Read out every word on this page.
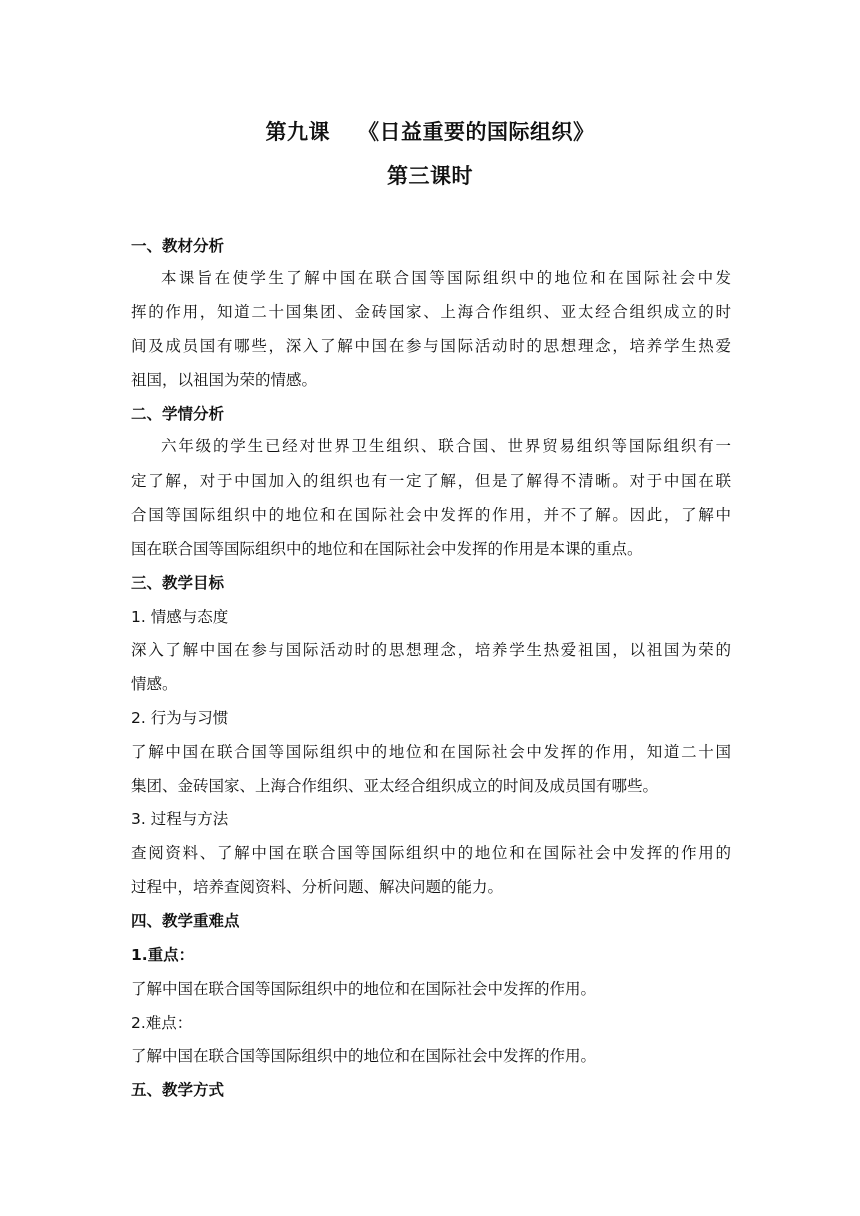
第九课 《日益重要的国际组织》
第三课时
一、教材分析
本课旨在使学生了解中国在联合国等国际组织中的地位和在国际社会中发
挥的作用，知道二十国集团、金砖国家、上海合作组织、亚太经合组织成立的时
间及成员国有哪些，深入了解中国在参与国际活动时的思想理念，培养学生热爱
祖国，以祖国为荣的情感。
二、学情分析
六年级的学生已经对世界卫生组织、联合国、世界贸易组织等国际组织有一
定了解，对于中国加入的组织也有一定了解，但是了解得不清晰。对于中国在联
合国等国际组织中的地位和在国际社会中发挥的作用，并不了解。因此，了解中
国在联合国等国际组织中的地位和在国际社会中发挥的作用是本课的重点。
三、教学目标
1. 情感与态度
深入了解中国在参与国际活动时的思想理念，培养学生热爱祖国，以祖国为荣的
情感。
2. 行为与习惯
了解中国在联合国等国际组织中的地位和在国际社会中发挥的作用，知道二十国
集团、金砖国家、上海合作组织、亚太经合组织成立的时间及成员国有哪些。
3. 过程与方法
查阅资料、了解中国在联合国等国际组织中的地位和在国际社会中发挥的作用的
过程中，培养查阅资料、分析问题、解决问题的能力。
四、教学重难点
1.重点：
了解中国在联合国等国际组织中的地位和在国际社会中发挥的作用。
2.难点：
了解中国在联合国等国际组织中的地位和在国际社会中发挥的作用。
五、教学方式
